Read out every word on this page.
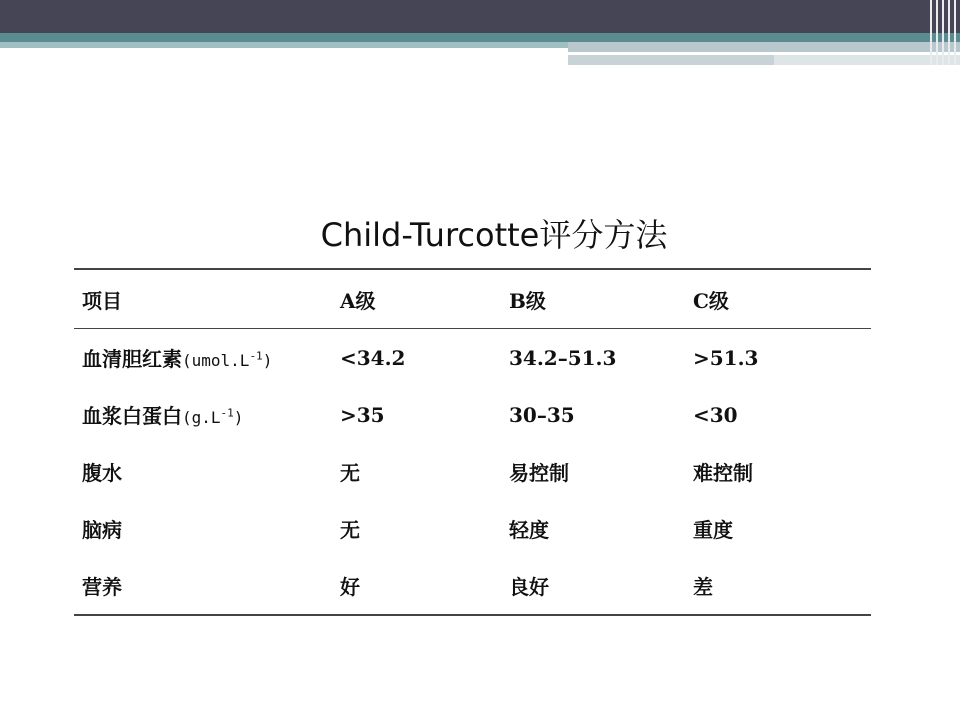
Child-Turcotte评分方法
项目	A级	B级	C级
血清胆红素$(umol.L^{-1})$	<34.2	34.2–51.3	>51.3
血浆白蛋白$(g.L^{-1})$	>35	30–35	<30
腹水	无	易控制	难控制
脑病	无	轻度	重度
营养	好	良好	差
